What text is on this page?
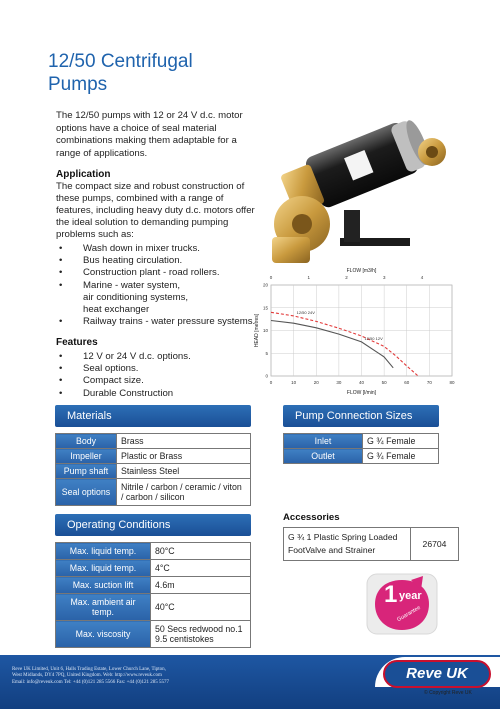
12/50 Centrifugal
Pumps
The 12/50 pumps with 12 or 24 V d.c. motor options have a choice of seal material combinations making them adaptable for a range of applications.
Application
The compact size and robust construction of these pumps, combined with a range of features, including heavy duty d.c. motors offer the ideal solution to demanding pumping problems such as:
• Wash down in mixer trucks.
• Bus heating circulation.
• Construction plant - road rollers.
• Marine - water system,
air conditioning systems,
heat exchanger
• Railway trains - water pressure systems.
Features
• 12 V or 24 V d.c. options.
• Seal options.
• Compact size.
• Durable Construction
0	10	20	30	40	50	60	70	80
0
5
10
15
20
0	1	2	3	4
FLOW [m3/h]
FLOW [l/min]
HEAD [metres]
12/50 24V
12/50 12V
Materials
Body	Brass
Impeller	Plastic or Brass
Pump shaft	Stainless Steel
Seal options	Nitrile / carbon / ceramic / viton / carbon / silicon
Pump Connection Sizes
Inlet	G ¾ Female
Outlet	G ¾ Female
Operating Conditions
Max. liquid temp.	80°C
Max. liquid temp.	4°C
Max. suction lift	4.6m
Max. ambient air temp.	40°C
Max. viscosity	50 Secs redwood no.1 9.5 centistokes
Accessories
G ¾ 1 Plastic Spring Loaded FootValve and Strainer	26704
1 year
Guarantee
Reve UK Limited, Unit 6, Halls Trading Estate, Lower Church Lane, Tipton,
West Midlands, DY4 7PQ, United Kingdom. Web: http://www.reveuk.com
Email: info@reveuk.com Tel: +44 (0)121 285 5566 Fax: +44 (0)121 285 5577
Reve UK
© Copyright Reve UK
